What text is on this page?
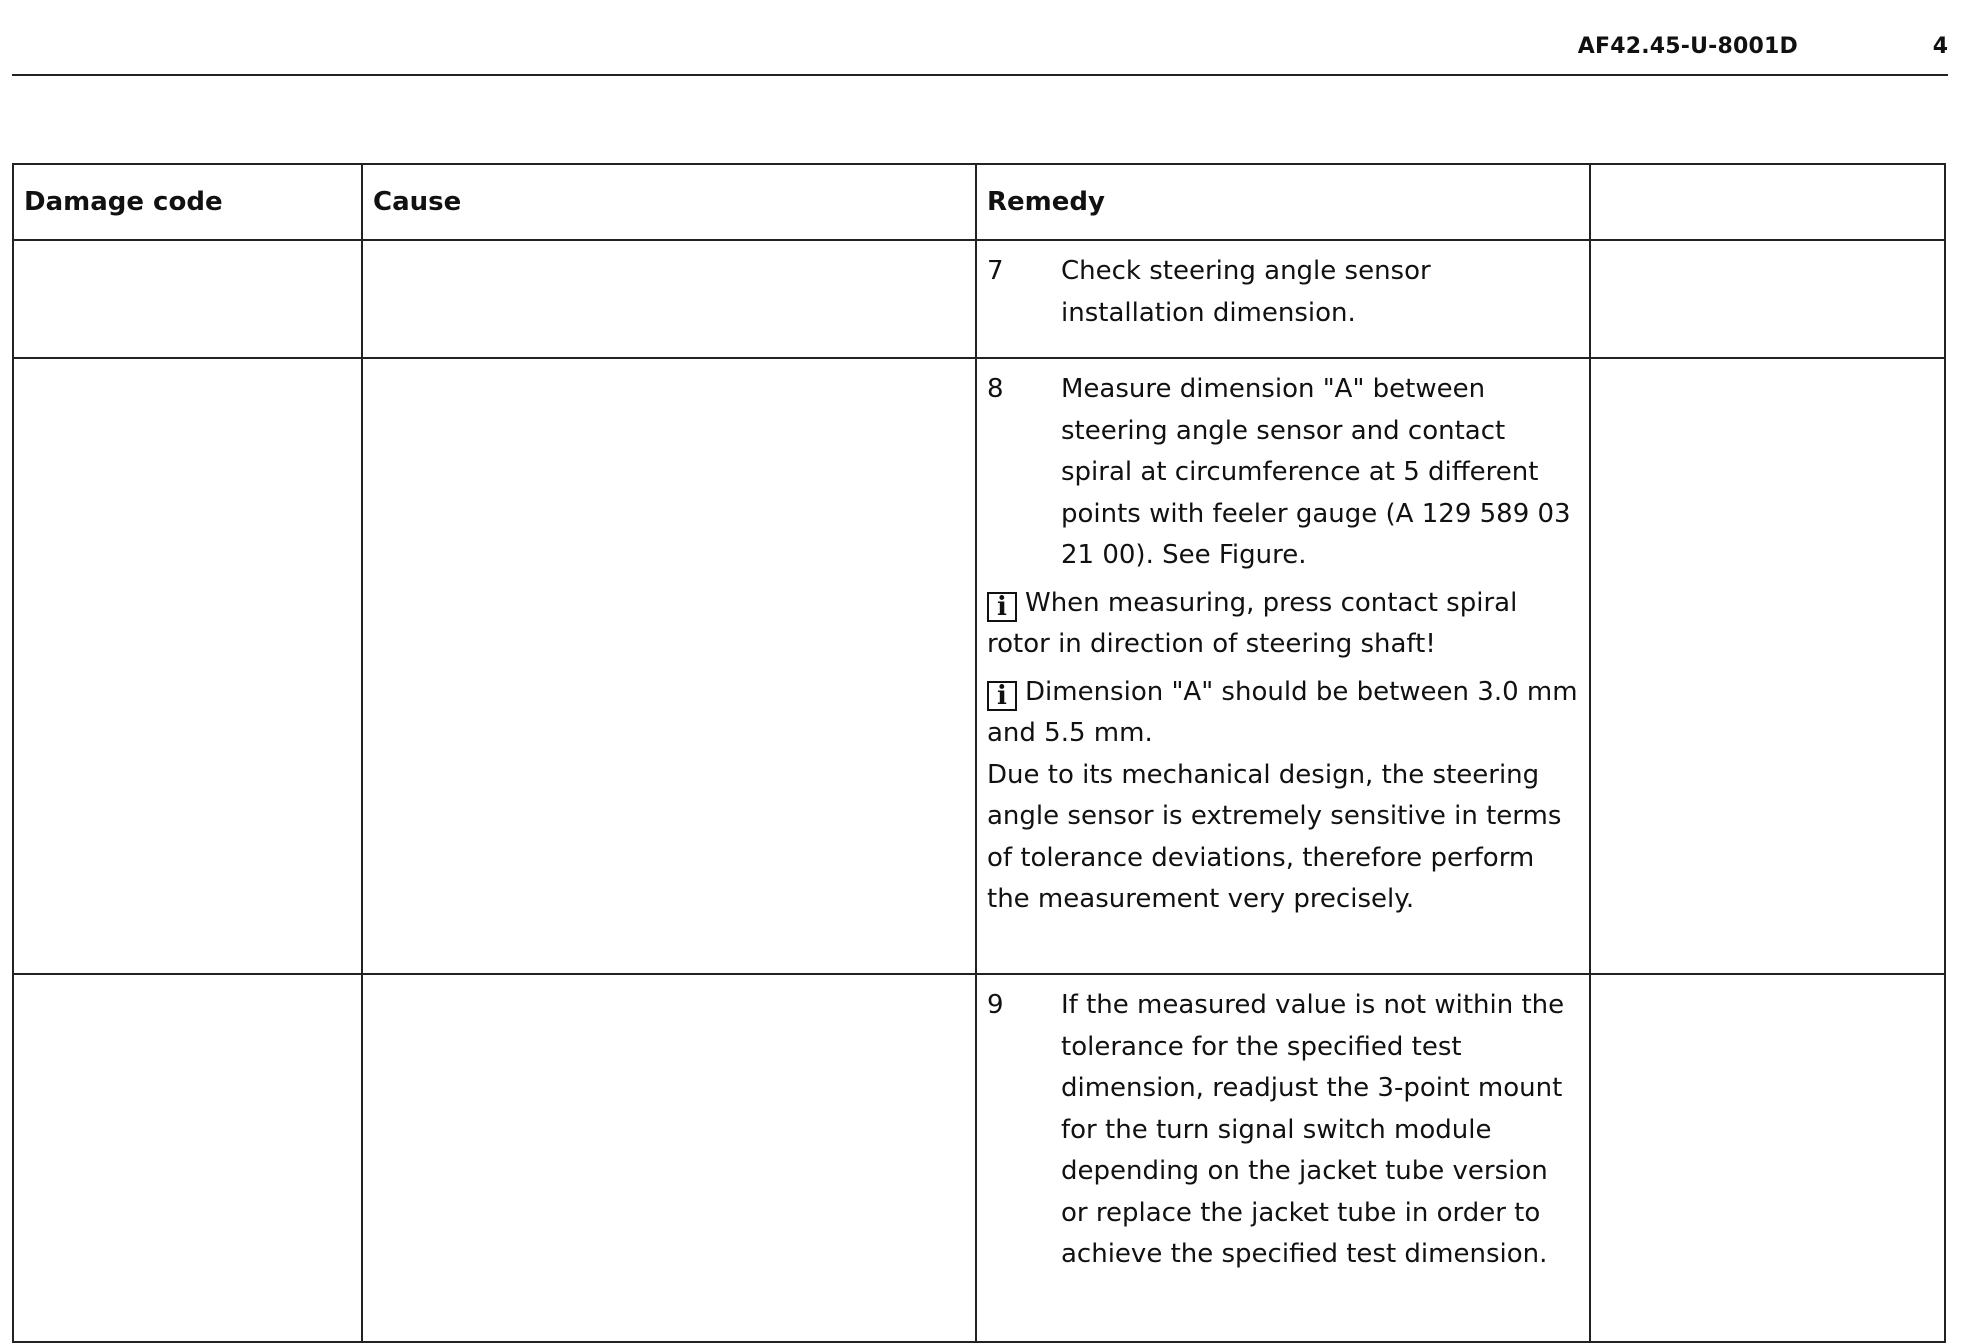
AF42.45-U-8001D	4
Damage code	Cause	Remedy	

		7 Check steering angle sensor installation dimension.	

		8 Measure dimension "A" between steering angle sensor and contact spiral at circumference at 5 different points with feeler gauge (A 129 589 03 21 00). See Figure.
i When measuring, press contact spiral rotor in direction of steering shaft!
i Dimension "A" should be between 3.0 mm and 5.5 mm.
Due to its mechanical design, the steering angle sensor is extremely sensitive in terms of tolerance deviations, therefore perform the measurement very precisely.	

		9 If the measured value is not within the tolerance for the specified test dimension, readjust the 3-point mount for the turn signal switch module depending on the jacket tube version or replace the jacket tube in order to achieve the specified test dimension.	
